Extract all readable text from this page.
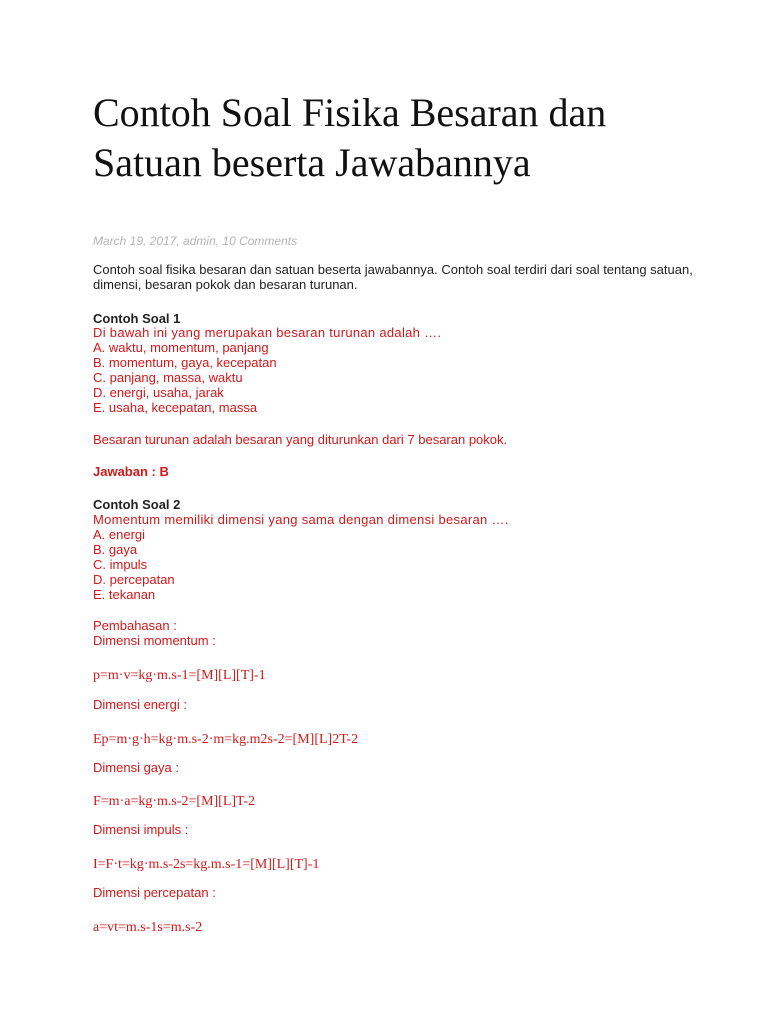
Contoh Soal Fisika Besaran dan Satuan beserta Jawabannya
March 19, 2017, admin, 10 Comments

Contoh soal fisika besaran dan satuan beserta jawabannya. Contoh soal terdiri dari soal tentang satuan, dimensi, besaran pokok dan besaran turunan.

Contoh Soal 1
Di bawah ini yang merupakan besaran turunan adalah ….
A. waktu, momentum, panjang
B. momentum, gaya, kecepatan
C. panjang, massa, waktu
D. energi, usaha, jarak
E. usaha, kecepatan, massa
Besaran turunan adalah besaran yang diturunkan dari 7 besaran pokok.
Jawaban : B
Contoh Soal 2
Momentum memiliki dimensi yang sama dengan dimensi besaran ….
A. energi
B. gaya
C. impuls
D. percepatan
E. tekanan
Pembahasan :
Dimensi momentum :
p=m·v=kg·m.s-1=[M][L][T]-1
Dimensi energi :
Ep=m·g·h=kg·m.s-2·m=kg.m2s-2=[M][L]2T-2
Dimensi gaya :
F=m·a=kg·m.s-2=[M][L]T-2
Dimensi impuls :
I=F·t=kg·m.s-2s=kg.m.s-1=[M][L][T]-1
Dimensi percepatan :
a=vt=m.s-1s=m.s-2
